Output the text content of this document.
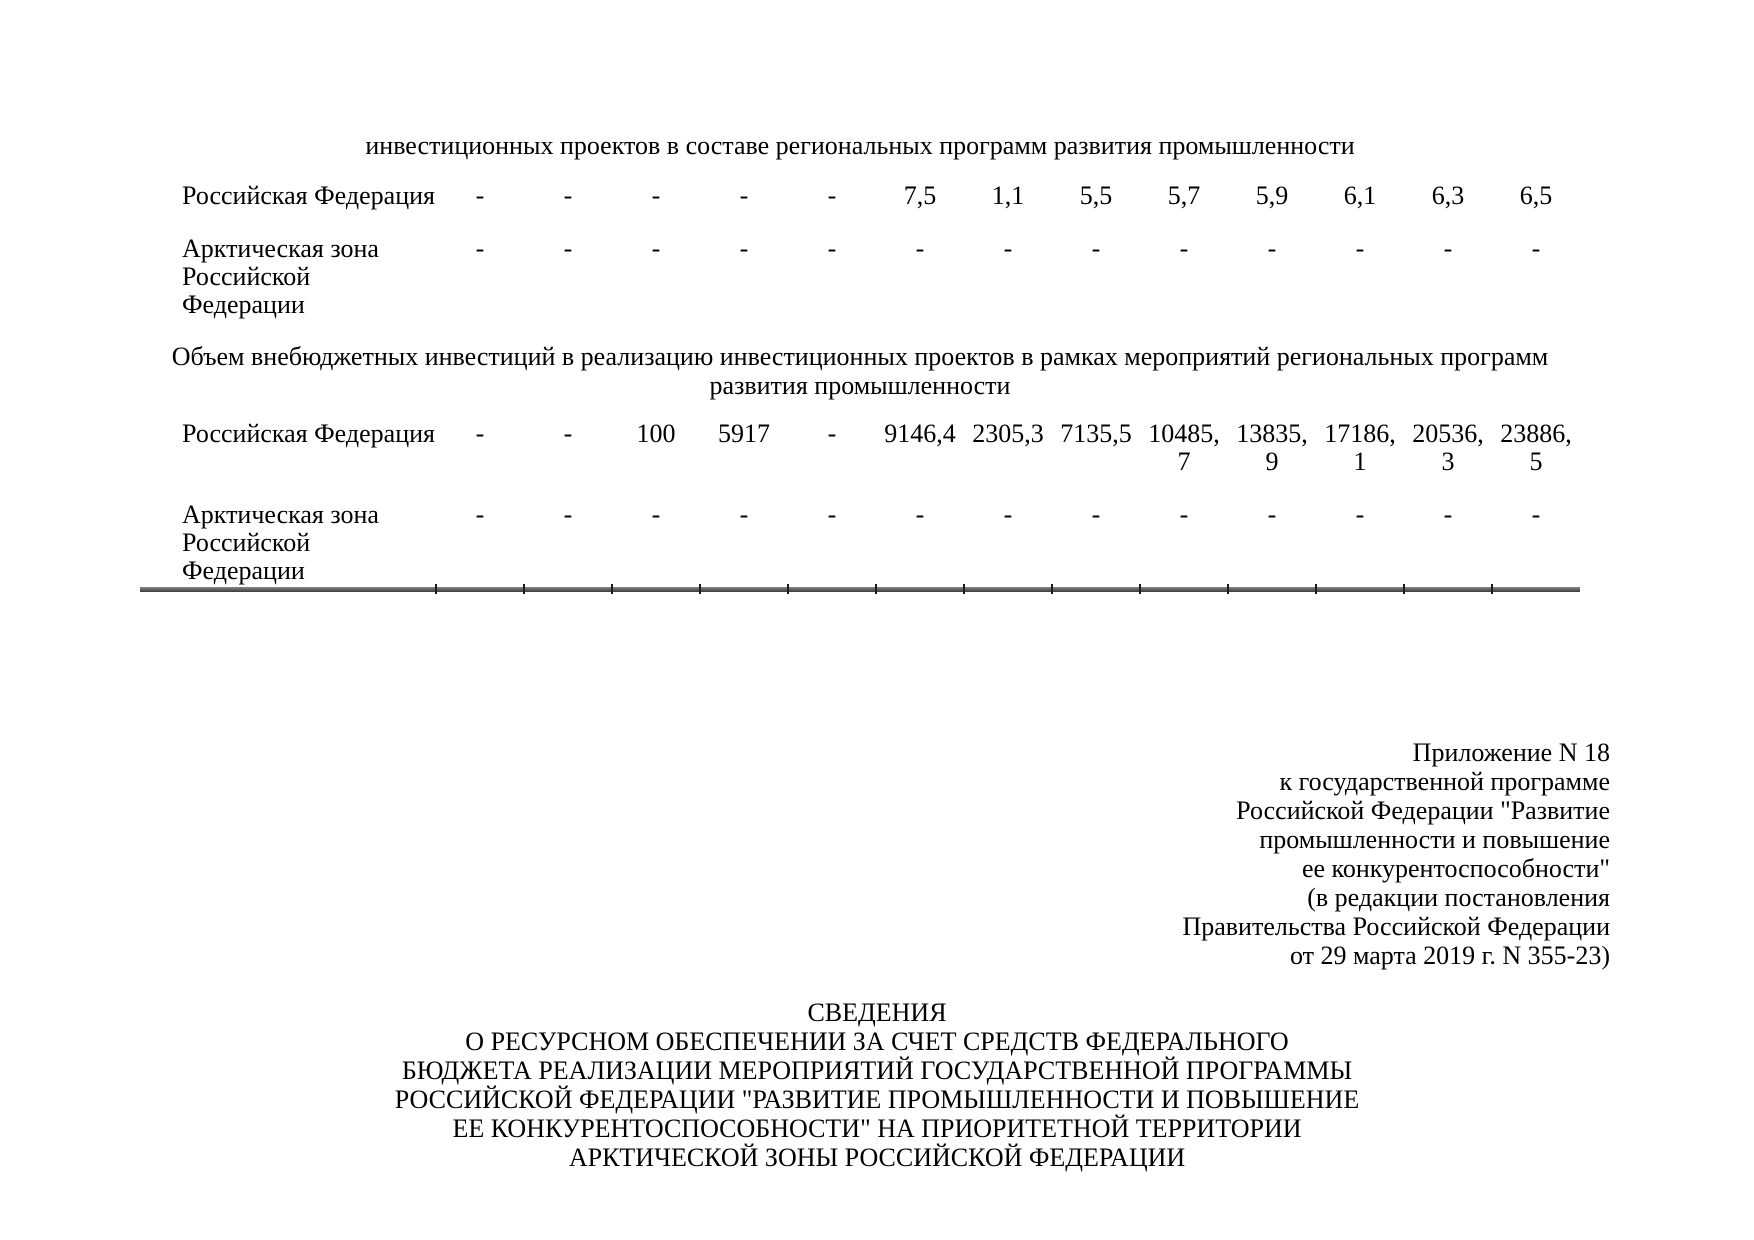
инвестиционных проектов в составе региональных программ развития промышленности
Российская Федерация	-	-	-	-	-	7,5	1,1	5,5	5,7	5,9	6,1	6,3	6,5

Арктическая зона Российской Федерации	-	-	-	-	-	-	-	-	-	-	-	-	-
Объем внебюджетных инвестиций в реализацию инвестиционных проектов в рамках мероприятий региональных программ развития промышленности
Российская Федерация	-	-	100	5917	-	9146,4	2305,3	7135,5	10485,7	13835,9	17186,1	20536,3	23886,5

Арктическая зона Российской Федерации	-	-	-	-	-	-	-	-	-	-	-	-	-
Приложение N 18
к государственной программе
Российской Федерации "Развитие
промышленности и повышение
ее конкурентоспособности"
(в редакции постановления
Правительства Российской Федерации
от 29 марта 2019 г. N 355-23)
СВЕДЕНИЯ
О РЕСУРСНОМ ОБЕСПЕЧЕНИИ ЗА СЧЕТ СРЕДСТВ ФЕДЕРАЛЬНОГО
БЮДЖЕТА РЕАЛИЗАЦИИ МЕРОПРИЯТИЙ ГОСУДАРСТВЕННОЙ ПРОГРАММЫ
РОССИЙСКОЙ ФЕДЕРАЦИИ "РАЗВИТИЕ ПРОМЫШЛЕННОСТИ И ПОВЫШЕНИЕ
ЕЕ КОНКУРЕНТОСПОСОБНОСТИ" НА ПРИОРИТЕТНОЙ ТЕРРИТОРИИ
АРКТИЧЕСКОЙ ЗОНЫ РОССИЙСКОЙ ФЕДЕРАЦИИ
